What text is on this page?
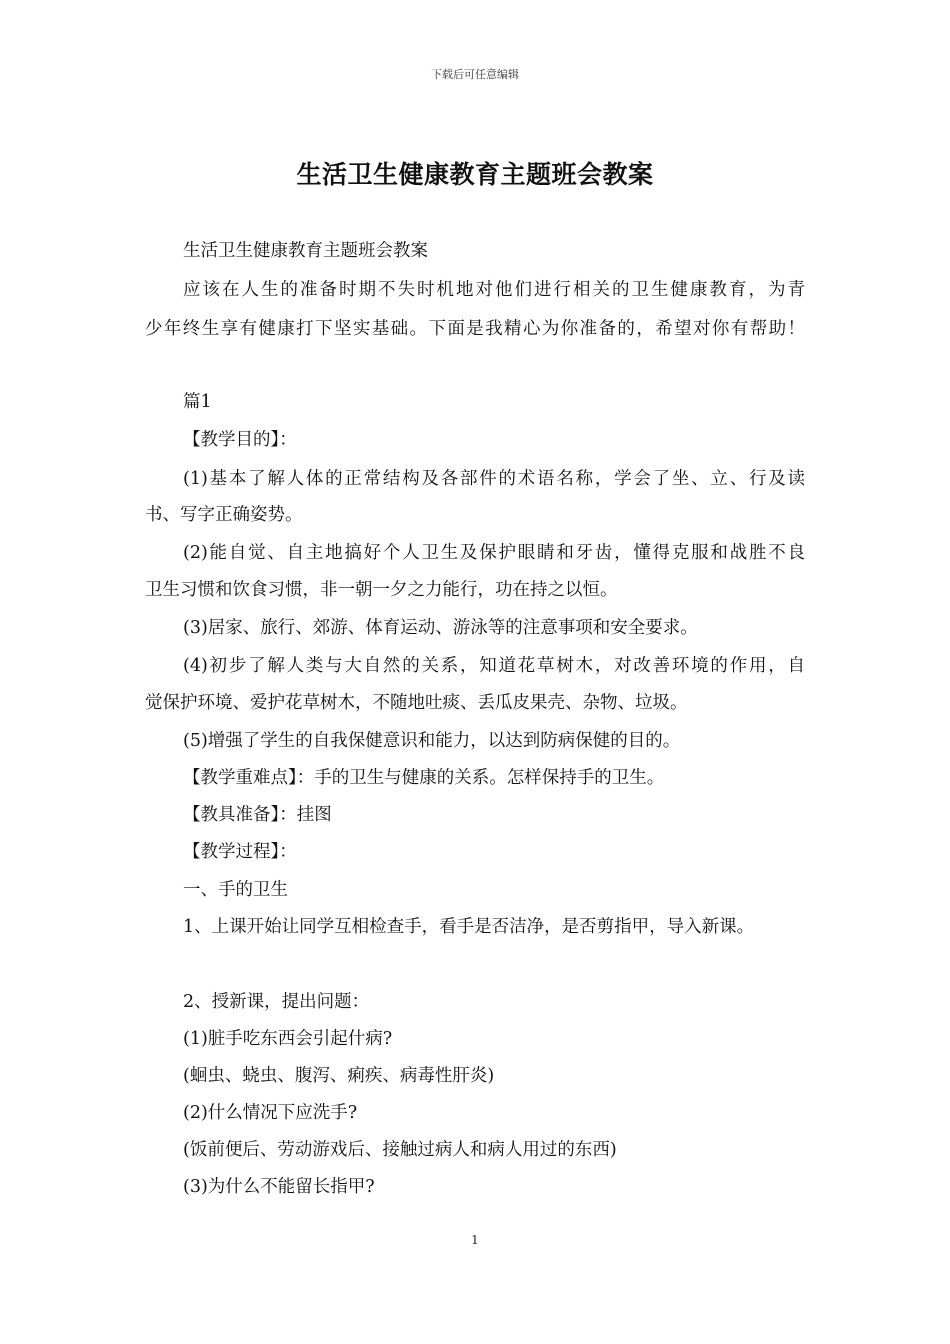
下载后可任意编辑
生活卫生健康教育主题班会教案
生活卫生健康教育主题班会教案
应该在人生的准备时期不失时机地对他们进行相关的卫生健康教育，为青
少年终生享有健康打下坚实基础。下面是我精心为你准备的，希望对你有帮助！
篇1
【教学目的】：
(1)基本了解人体的正常结构及各部件的术语名称，学会了坐、立、行及读
书、写字正确姿势。
(2)能自觉、自主地搞好个人卫生及保护眼睛和牙齿，懂得克服和战胜不良
卫生习惯和饮食习惯，非一朝一夕之力能行，功在持之以恒。
(3)居家、旅行、郊游、体育运动、游泳等的注意事项和安全要求。
(4)初步了解人类与大自然的关系，知道花草树木，对改善环境的作用，自
觉保护环境、爱护花草树木，不随地吐痰、丢瓜皮果壳、杂物、垃圾。
(5)增强了学生的自我保健意识和能力，以达到防病保健的目的。
【教学重难点】：手的卫生与健康的关系。怎样保持手的卫生。
【教具准备】：挂图
【教学过程】：
一、手的卫生
1、上课开始让同学互相检查手，看手是否洁净，是否剪指甲，导入新课。
2、授新课，提出问题：
(1)脏手吃东西会引起什病?
(蛔虫、蛲虫、腹泻、痢疾、病毒性肝炎)
(2)什么情况下应洗手?
(饭前便后、劳动游戏后、接触过病人和病人用过的东西)
(3)为什么不能留长指甲?
1
